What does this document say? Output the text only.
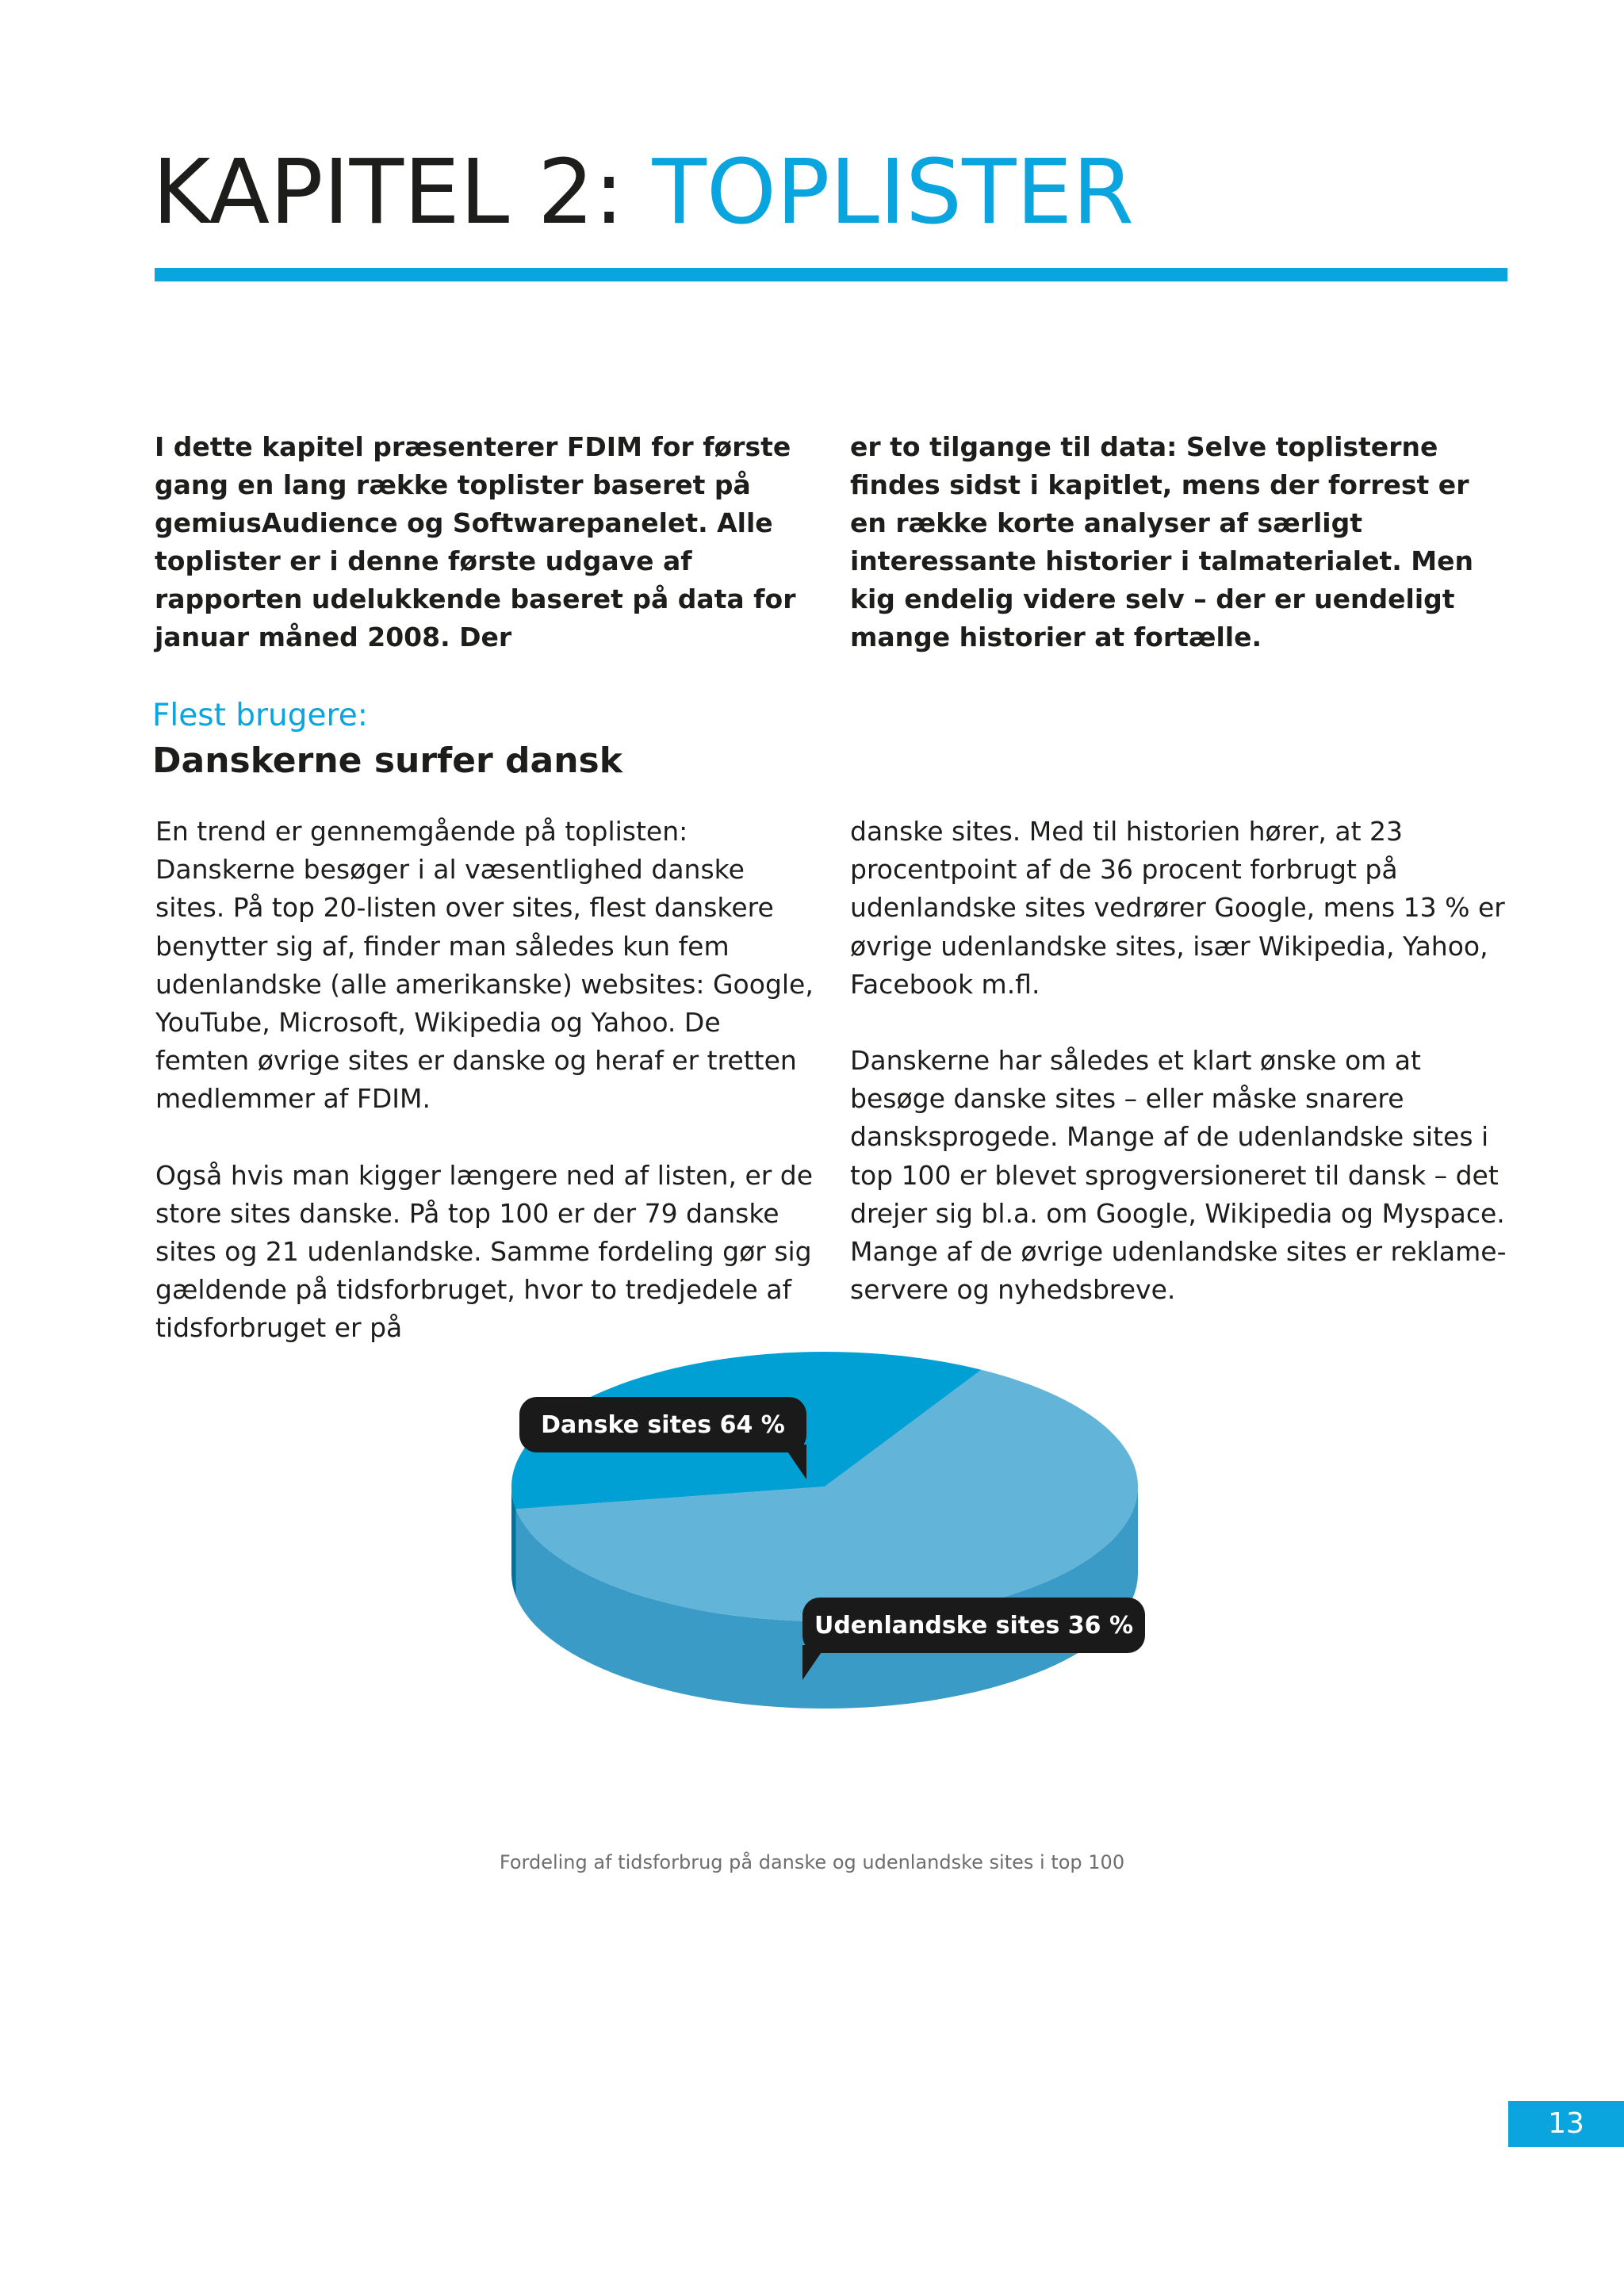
KAPITEL 2: TOPLISTER

I dette kapitel præsenterer FDIM for første gang en lang række toplister baseret på gemiusAudience og Softwarepanelet. Alle toplister er i denne første udgave af rapporten udelukkende baseret på data for januar måned 2008. Der

er to tilgange til data: Selve toplisterne findes sidst i kapitlet, mens der forrest er en række korte analyser af særligt interessante historier i talmaterialet. Men kig endelig videre selv – der er uendeligt mange historier at fortælle.

Flest brugere:

Danskerne surfer dansk

En trend er gennemgående på toplisten: Danskerne besøger i al væsentlighed danske sites. På top 20-listen over sites, flest danskere benytter sig af, finder man således kun fem udenlandske (alle amerikanske) websites: Google, YouTube, Microsoft, Wikipedia og Yahoo. De femten øvrige sites er danske og heraf er tretten medlemmer af FDIM.

Også hvis man kigger længere ned af listen, er de store sites danske. På top 100 er der 79 danske sites og 21 udenlandske. Samme fordeling gør sig gældende på tidsforbruget, hvor to tredjedele af tidsforbruget er på

danske sites. Med til historien hører, at 23 procentpoint af de 36 procent forbrugt på udenlandske sites vedrører Google, mens 13 % er øvrige udenlandske sites, især Wikipedia, Yahoo, Facebook m.fl.

Danskerne har således et klart ønske om at besøge danske sites – eller måske snarere dansksprogede. Mange af de udenlandske sites i top 100 er blevet sprogversioneret til dansk – det drejer sig bl.a. om Google, Wikipedia og Myspace. Mange af de øvrige udenlandske sites er reklame-servere og nyhedsbreve.

Danske sites 64 %
Udenlandske sites 36 %
Fordeling af tidsforbrug på danske og udenlandske sites i top 100
13
